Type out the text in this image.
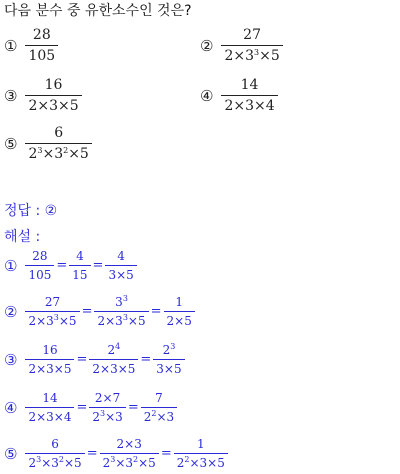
다음 분수 중 유한소수인 것은?
① $\frac{28}{105}$	② $\frac{27}{2\times 3^3\times 5}$
③ $\frac{16}{2\times 3\times 5}$	④ $\frac{14}{2\times 3\times 4}$
⑤ $\frac{6}{2^3\times 3^2\times 5}$
정답 : ②
해설 :
① $\frac{28}{105} = \frac{4}{15} = \frac{4}{3\times 5}$
② $\frac{27}{2\times 3^3\times 5} = \frac{3^3}{2\times 3^3\times 5} = \frac{1}{2\times 5}$
③ $\frac{16}{2\times 3\times 5} = \frac{2^4}{2\times 3\times 5} = \frac{2^3}{3\times 5}$
④ $\frac{14}{2\times 3\times 4} = \frac{2\times 7}{2^3\times 3} = \frac{7}{2^2\times 3}$
⑤ $\frac{6}{2^3\times 3^2\times 5} = \frac{2\times 3}{2^3\times 3^2\times 5} = \frac{1}{2^2\times 3\times 5}$
